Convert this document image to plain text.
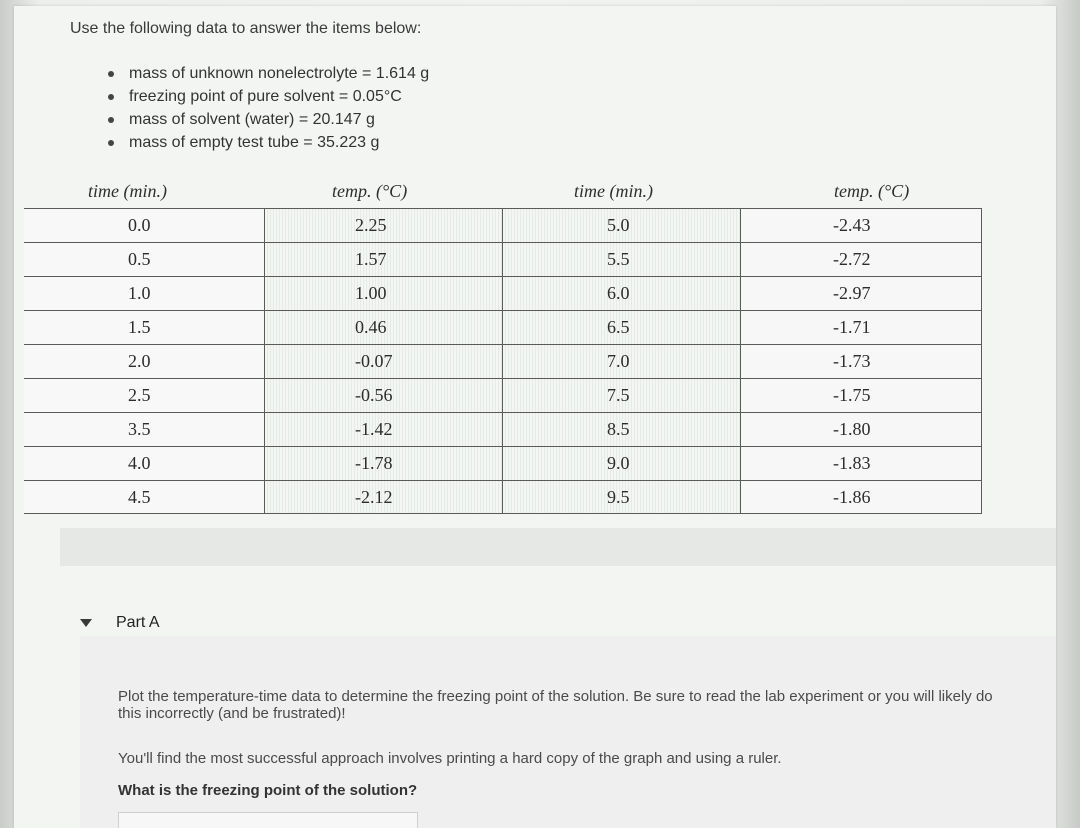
Use the following data to answer the items below:
mass of unknown nonelectrolyte = 1.614 g
freezing point of pure solvent = 0.05°C
mass of solvent (water) = 20.147 g
mass of empty test tube = 35.223 g
time (min.)	temp. (°C)	time (min.)	temp. (°C)
0.0	2.25	5.0	-2.43
0.5	1.57	5.5	-2.72
1.0	1.00	6.0	-2.97
1.5	0.46	6.5	-1.71
2.0	-0.07	7.0	-1.73
2.5	-0.56	7.5	-1.75
3.5	-1.42	8.5	-1.80
4.0	-1.78	9.0	-1.83
4.5	-2.12	9.5	-1.86
Part A
Plot the temperature-time data to determine the freezing point of the solution. Be sure to read the lab experiment or you will likely do this incorrectly (and be frustrated)!
You'll find the most successful approach involves printing a hard copy of the graph and using a ruler.
What is the freezing point of the solution?
